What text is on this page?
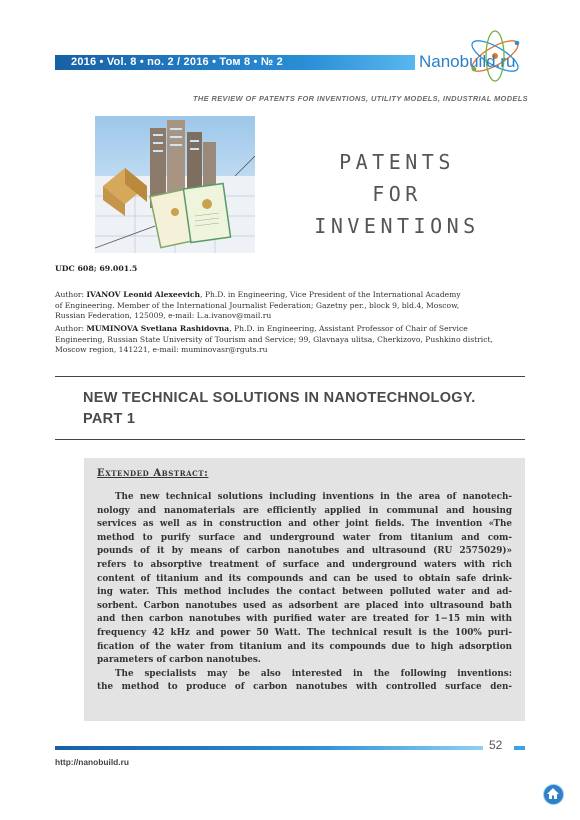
2016 • Vol. 8 • no. 2 / 2016 • Том 8 • № 2	Nanobuild.ru
THE REVIEW OF PATENTS FOR INVENTIONS, UTILITY MODELS, INDUSTRIAL MODELS
PATENTS
FOR
INVENTIONS
UDC 608; 69.001.5
Author: IVANOV Leonid Alexeevich, Ph.D. in Engineering, Vice President of the International Academy
of Engineering. Member of the International Journalist Federation; Gazetny per., block 9, bld.4, Moscow,
Russian Federation, 125009, e-mail: L.a.ivanov@mail.ru
Author: MUMINOVA Svetlana Rashidovna, Ph.D. in Engineering, Assistant Professor of Chair of Service
Engineering, Russian State University of Tourism and Service; 99, Glavnaya ulitsa, Cherkizovo, Pushkino district,
Moscow region, 141221, e-mail: muminovasr@rguts.ru
NEW TECHNICAL SOLUTIONS IN NANOTECHNOLOGY.
PART 1
Extended Abstract:
The new technical solutions including inventions in the area of nanotech-
nology and nanomaterials are efficiently applied in communal and housing
services as well as in construction and other joint fields. The invention «The
method to purify surface and underground water from titanium and com-
pounds of it by means of carbon nanotubes and ultrasound (RU 2575029)»
refers to absorptive treatment of surface and underground waters with rich
content of titanium and its compounds and can be used to obtain safe drink-
ing water. This method includes the contact between polluted water and ad-
sorbent. Carbon nanotubes used as adsorbent are placed into ultrasound bath
and then carbon nanotubes with purified water are treated for 1−15 min with
frequency 42 kHz and power 50 Watt. The technical result is the 100% puri-
fication of the water from titanium and its compounds due to high adsorption
parameters of carbon nanotubes.
The specialists may be also interested in the following inventions:
the method to produce of carbon nanotubes with controlled surface den-
52
http://nanobuild.ru
